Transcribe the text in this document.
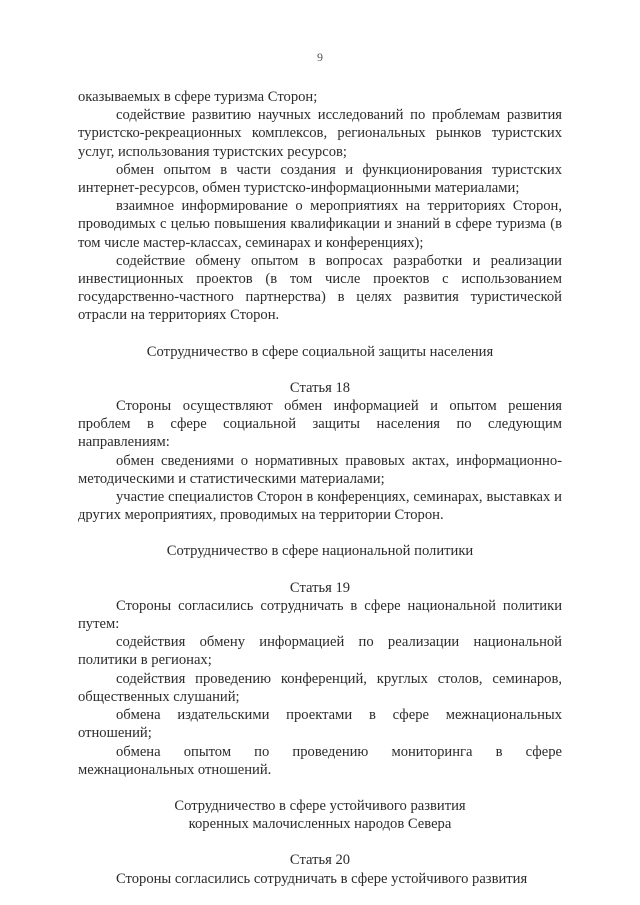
9

оказываемых в сфере туризма Сторон;

содействие развитию научных исследований по проблемам развития туристско-рекреационных комплексов, региональных рынков туристских услуг, использования туристских ресурсов;

обмен опытом в части создания и функционирования туристских интернет-ресурсов, обмен туристско-информационными материалами;

взаимное информирование о мероприятиях на территориях Сторон, проводимых с целью повышения квалификации и знаний в сфере туризма (в том числе мастер-классах, семинарах и конференциях);

содействие обмену опытом в вопросах разработки и реализации инвестиционных проектов (в том числе проектов с использованием государственно-частного партнерства) в целях развития туристической отрасли на территориях Сторон.

Сотрудничество в сфере социальной защиты населения

Статья 18

Стороны осуществляют обмен информацией и опытом решения проблем в сфере социальной защиты населения по следующим направлениям:

обмен сведениями о нормативных правовых актах, информационно-методическими и статистическими материалами;

участие специалистов Сторон в конференциях, семинарах, выставках и других мероприятиях, проводимых на территории Сторон.

Сотрудничество в сфере национальной политики

Статья 19

Стороны согласились сотрудничать в сфере национальной политики путем:

содействия обмену информацией по реализации национальной политики в регионах;

содействия проведению конференций, круглых столов, семинаров, общественных слушаний;

обмена издательскими проектами в сфере межнациональных отношений;

обмена опытом по проведению мониторинга в сфере межнациональных отношений.

Сотрудничество в сфере устойчивого развития
коренных малочисленных народов Севера

Статья 20

Стороны согласились сотрудничать в сфере устойчивого развития
